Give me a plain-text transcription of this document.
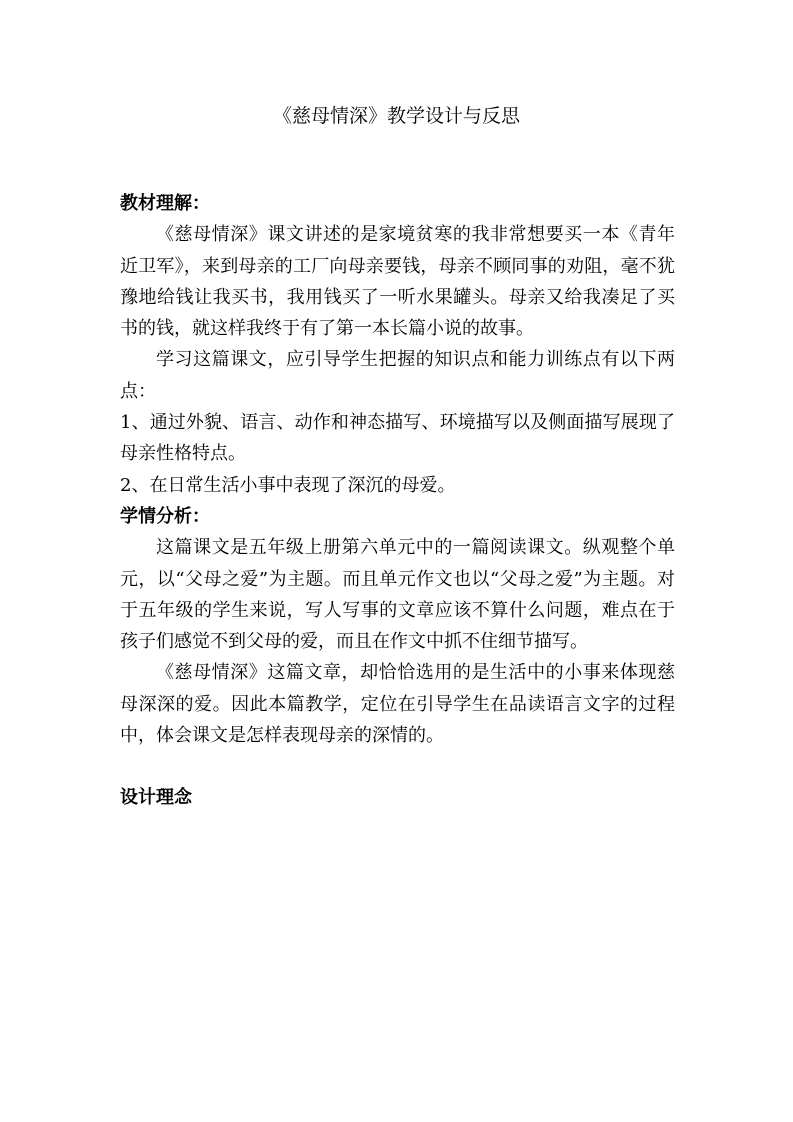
《慈母情深》教学设计与反思

教材理解：

《慈母情深》课文讲述的是家境贫寒的我非常想要买一本《青年近卫军》，来到母亲的工厂向母亲要钱，母亲不顾同事的劝阻，毫不犹豫地给钱让我买书，我用钱买了一听水果罐头。母亲又给我凑足了买书的钱，就这样我终于有了第一本长篇小说的故事。

学习这篇课文，应引导学生把握的知识点和能力训练点有以下两点：

1、通过外貌、语言、动作和神态描写、环境描写以及侧面描写展现了母亲性格特点。

2、在日常生活小事中表现了深沉的母爱。

学情分析：

这篇课文是五年级上册第六单元中的一篇阅读课文。纵观整个单元，以“父母之爱”为主题。而且单元作文也以“父母之爱”为主题。对于五年级的学生来说，写人写事的文章应该不算什么问题，难点在于孩子们感觉不到父母的爱，而且在作文中抓不住细节描写。

《慈母情深》这篇文章，却恰恰选用的是生活中的小事来体现慈母深深的爱。因此本篇教学，定位在引导学生在品读语言文字的过程中，体会课文是怎样表现母亲的深情的。

设计理念
